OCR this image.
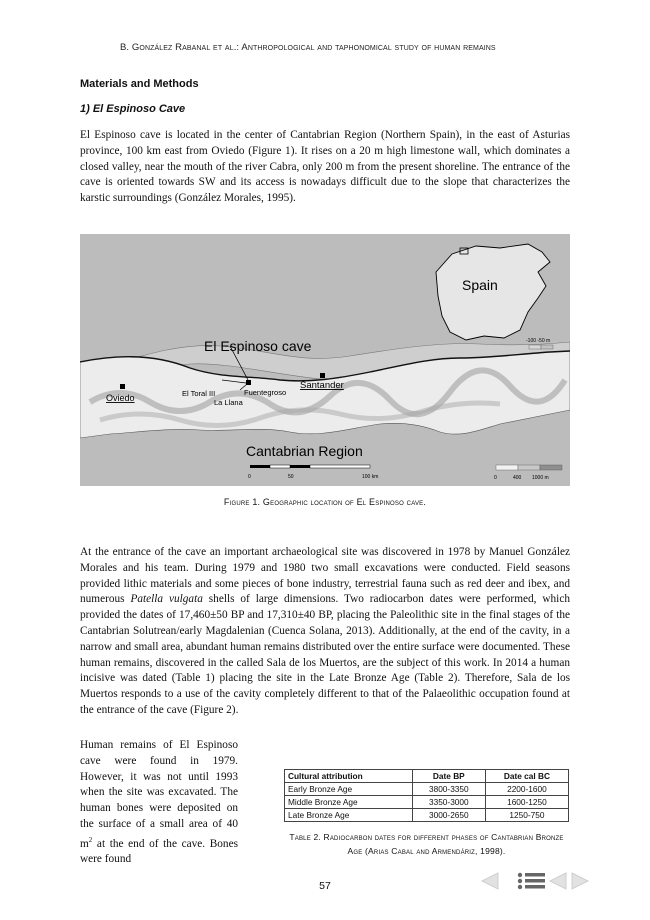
B. González Rabanal et al.: Anthropological and taphonomical study of human remains
Materials and Methods
1) El Espinoso Cave
El Espinoso cave is located in the center of Cantabrian Region (Northern Spain), in the east of Asturias province, 100 km east from Oviedo (Figure 1). It rises on a 20 m high limestone wall, which dominates a closed valley, near the mouth of the river Cabra, only 200 m from the present shoreline. The entrance of the cave is oriented towards SW and its access is nowadays difficult due to the slope that characterizes the karstic surroundings (González Morales, 1995).
Spain
El Espinoso cave
Oviedo	El Toral III
La Llana
Fuentegroso
Santander
Cantabrian Region
-100 -50 m
0	50	100 km	0	400 1000 m
Figure 1. Geographic location of El Espinoso cave.
At the entrance of the cave an important archaeological site was discovered in 1978 by Manuel González Morales and his team. During 1979 and 1980 two small excavations were conducted. Field seasons provided lithic materials and some pieces of bone industry, terrestrial fauna such as red deer and ibex, and numerous Patella vulgata shells of large dimensions. Two radiocarbon dates were performed, which provided the dates of 17,460±50 BP and 17,310±40 BP, placing the Paleolithic site in the final stages of the Cantabrian Solutrean/early Magdalenian (Cuenca Solana, 2013). Additionally, at the end of the cavity, in a narrow and small area, abundant human remains distributed over the entire surface were documented. These human remains, discovered in the called Sala de los Muertos, are the subject of this work. In 2014 a human incisive was dated (Table 1) placing the site in the Late Bronze Age (Table 2). Therefore, Sala de los Muertos responds to a use of the cavity completely different to that of the Palaeolithic occupation found at the entrance of the cave (Figure 2).
Human remains of El Espinoso cave were found in 1979. However, it was not until 1993 when the site was excavated. The human bones were deposited on the surface of a small area of 40 $m^2$ at the end of the cave. Bones were found
Cultural attribution	Date BP	Date cal BC
Early Bronze Age	3800-3350	2200-1600
Middle Bronze Age	3350-3000	1600-1250
Late Bronze Age	3000-2650	1250-750
Table 2. Radiocarbon dates for different phases of Cantabrian Bronze Age (Arias Cabal and Armendáriz, 1998).
57
